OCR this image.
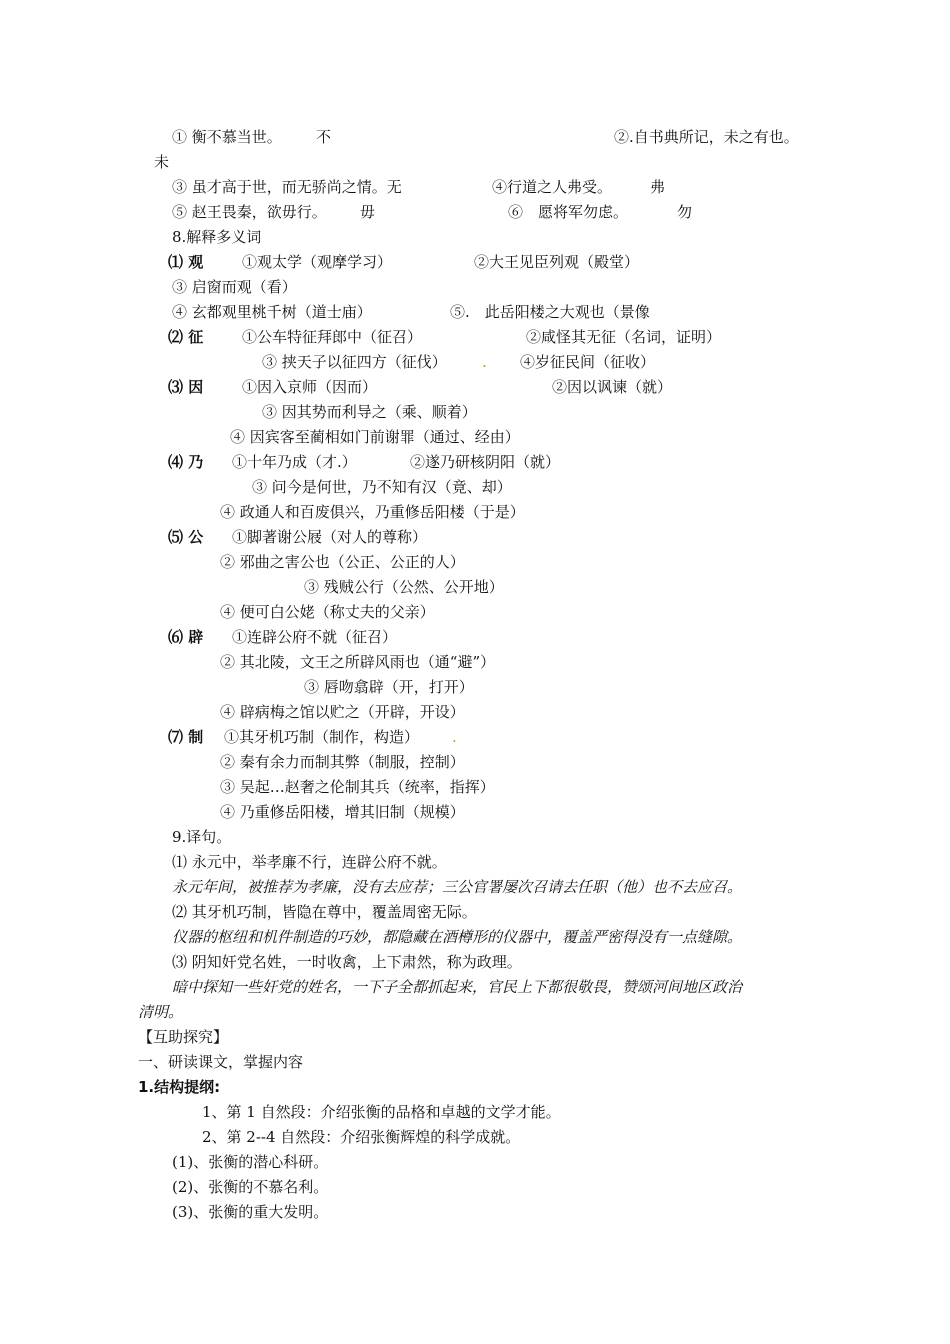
① 衡不慕当世。 不	②.自书典所记，未之有也。
未
③ 虽才高于世，而无骄尚之情。无	④行道之人弗受。	弗
⑤ 赵王畏秦，欲毋行。 毋	⑥　愿将军勿虑。	勿
8.解释多义词
⑴ 观	①观太学（观摩学习）	②大王见臣列观（殿堂）
③ 启窗而观（看）
④ 玄都观里桃千树（道士庙）	⑤.　此岳阳楼之大观也（景像
⑵ 征	①公车特征拜郎中（征召）	②咸怪其无征（名词，证明）
③ 挟天子以征四方（征伐） . ④岁征民间（征收）
⑶ 因	①因入京师（因而）	②因以讽谏（就）
③ 因其势而利导之（乘、顺着）
④ 因宾客至蔺相如门前谢罪（通过、经由）
⑷ 乃 ①十年乃成（才.）	②遂乃研核阴阳（就）
③ 问今是何世，乃不知有汉（竟、却）
④ 政通人和百废俱兴，乃重修岳阳楼（于是）
⑸ 公 ①脚著谢公屐（对人的尊称）
② 邪曲之害公也（公正、公正的人）
③ 残贼公行（公然、公开地）
④ 便可白公姥（称丈夫的父亲）
⑹ 辟 ①连辟公府不就（征召）
② 其北陵，文王之所辟风雨也（通“避”）
③ 唇吻翕辟（开，打开）
④ 辟病梅之馆以贮之（开辟，开设）
⑺ 制 ①其牙机巧制（制作，构造） .
② 秦有余力而制其弊（制服，控制）
③ 吴起…赵奢之伦制其兵（统率，指挥）
④ 乃重修岳阳楼，增其旧制（规模）
9.译句。
⑴ 永元中，举孝廉不行，连辟公府不就。
永元年间，被推荐为孝廉，没有去应荐；三公官署屡次召请去任职（他）也不去应召。
⑵ 其牙机巧制，皆隐在尊中，覆盖周密无际。
仪器的枢纽和机件制造的巧妙，都隐藏在酒樽形的仪器中，覆盖严密得没有一点缝隙。
⑶ 阴知奸党名姓，一时收禽，上下肃然，称为政理。
暗中探知一些奸党的姓名，一下子全都抓起来，官民上下都很敬畏，赞颂河间地区政治
清明。
【互助探究】
一、研读课文，掌握内容
1.结构提纲:
1、第 1 自然段：介绍张衡的品格和卓越的文学才能。
2、第 2--4 自然段：介绍张衡辉煌的科学成就。
(1)、张衡的潜心科研。
(2)、张衡的不慕名利。
(3)、张衡的重大发明。
